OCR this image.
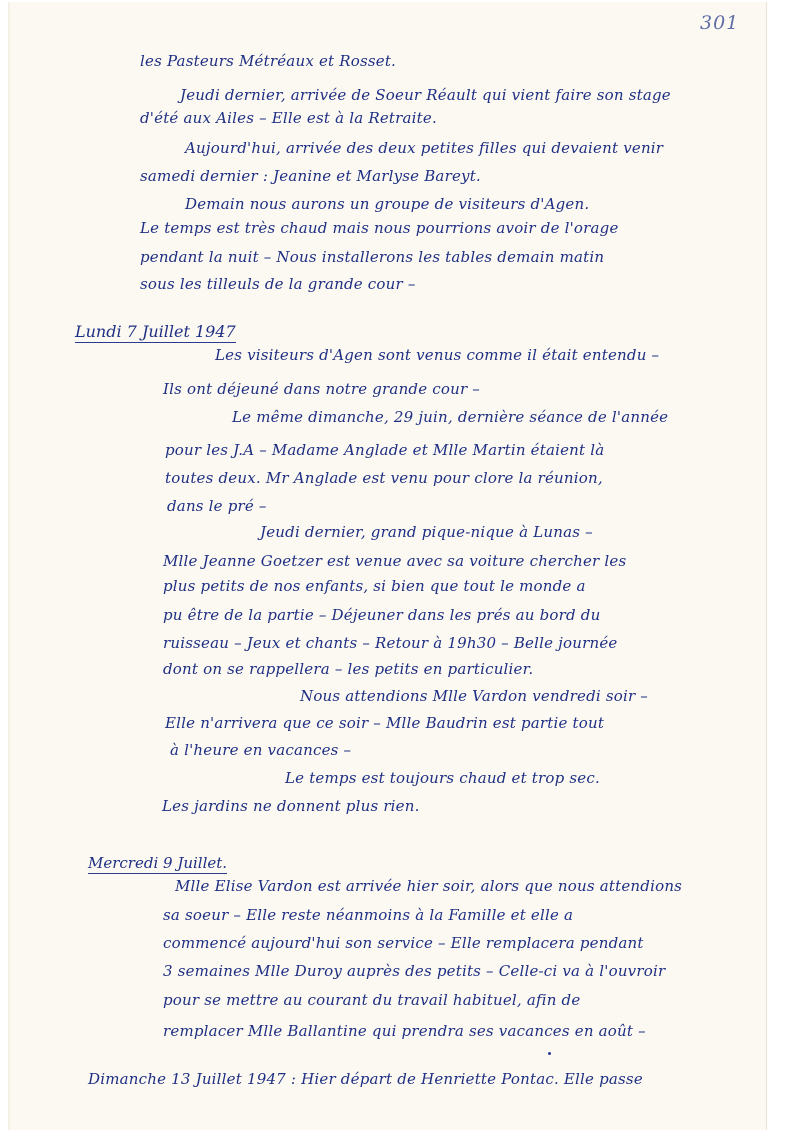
301
les Pasteurs Métréaux et Rosset.
Jeudi dernier, arrivée de Soeur Réault qui vient faire son stage
d'été aux Ailes – Elle est à la Retraite.
Aujourd'hui, arrivée des deux petites filles qui devaient venir
samedi dernier : Jeanine et Marlyse Bareyt.
Demain nous aurons un groupe de visiteurs d'Agen.
Le temps est très chaud mais nous pourrions avoir de l'orage
pendant la nuit – Nous installerons les tables demain matin
sous les tilleuls de la grande cour –
Lundi 7 Juillet 1947
Les visiteurs d'Agen sont venus comme il était entendu –
Ils ont déjeuné dans notre grande cour –
Le même dimanche, 29 juin, dernière séance de l'année
pour les J.A – Madame Anglade et Mlle Martin étaient là
toutes deux. Mr Anglade est venu pour clore la réunion,
dans le pré –
Jeudi dernier, grand pique-nique à Lunas –
Mlle Jeanne Goetzer est venue avec sa voiture chercher les
plus petits de nos enfants, si bien que tout le monde a
pu être de la partie – Déjeuner dans les prés au bord du
ruisseau – Jeux et chants – Retour à 19h30 – Belle journée
dont on se rappellera – les petits en particulier.
Nous attendions Mlle Vardon vendredi soir –
Elle n'arrivera que ce soir – Mlle Baudrin est partie tout
à l'heure en vacances –
Le temps est toujours chaud et trop sec.
Les jardins ne donnent plus rien.
Mercredi 9 Juillet.
Mlle Elise Vardon est arrivée hier soir, alors que nous attendions
sa soeur – Elle reste néanmoins à la Famille et elle a
commencé aujourd'hui son service – Elle remplacera pendant
3 semaines Mlle Duroy auprès des petits – Celle-ci va à l'ouvroir
pour se mettre au courant du travail habituel, afin de
remplacer Mlle Ballantine qui prendra ses vacances en août –
Dimanche 13 Juillet 1947 : Hier départ de Henriette Pontac. Elle passe
